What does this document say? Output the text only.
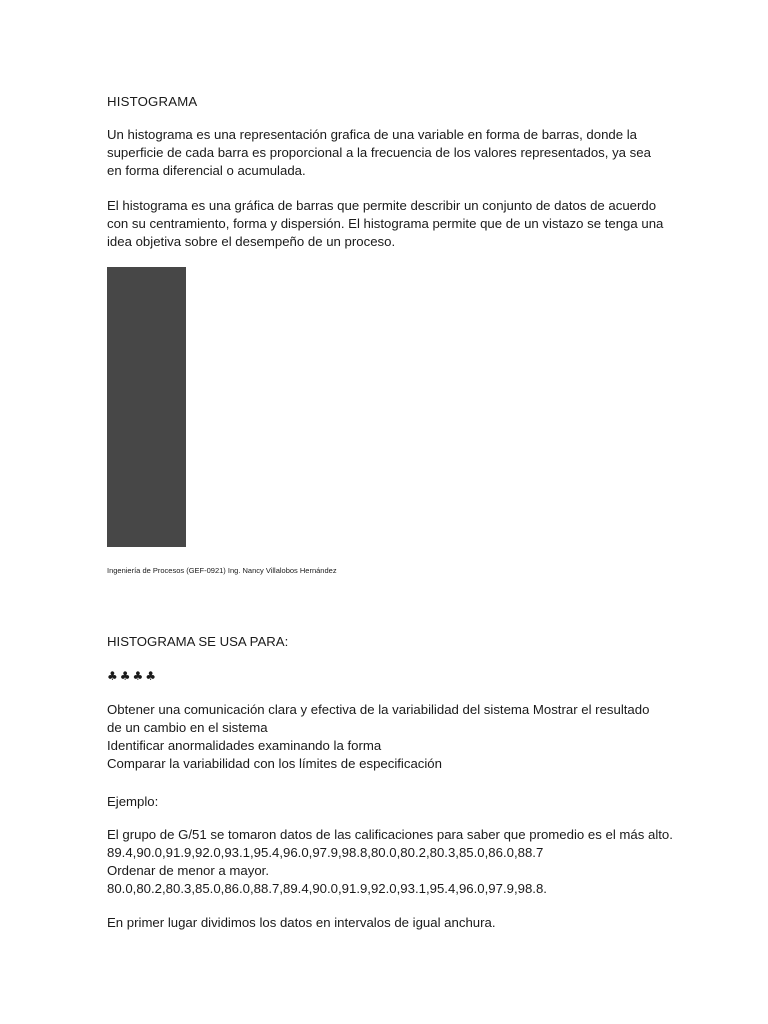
HISTOGRAMA

Un histograma es una representación grafica de una variable en forma de barras, donde la superficie de cada barra es proporcional a la frecuencia de los valores representados, ya sea en forma diferencial o acumulada.

El histograma es una gráfica de barras que permite describir un conjunto de datos de acuerdo con su centramiento, forma y dispersión. El histograma permite que de un vistazo se tenga una idea objetiva sobre el desempeño de un proceso.

Ingeniería de Procesos (GEF-0921) Ing. Nancy Villalobos Hernández

HISTOGRAMA SE USA PARA:

♣♣♣♣

Obtener una comunicación clara y efectiva de la variabilidad del sistema Mostrar el resultado de un cambio en el sistema
Identificar anormalidades examinando la forma
Comparar la variabilidad con los límites de especificación

Ejemplo:

El grupo de G/51 se tomaron datos de las calificaciones para saber que promedio es el más alto.
89.4,90.0,91.9,92.0,93.1,95.4,96.0,97.9,98.8,80.0,80.2,80.3,85.0,86.0,88.7
Ordenar de menor a mayor.
80.0,80.2,80.3,85.0,86.0,88.7,89.4,90.0,91.9,92.0,93.1,95.4,96.0,97.9,98.8.

En primer lugar dividimos los datos en intervalos de igual anchura.
